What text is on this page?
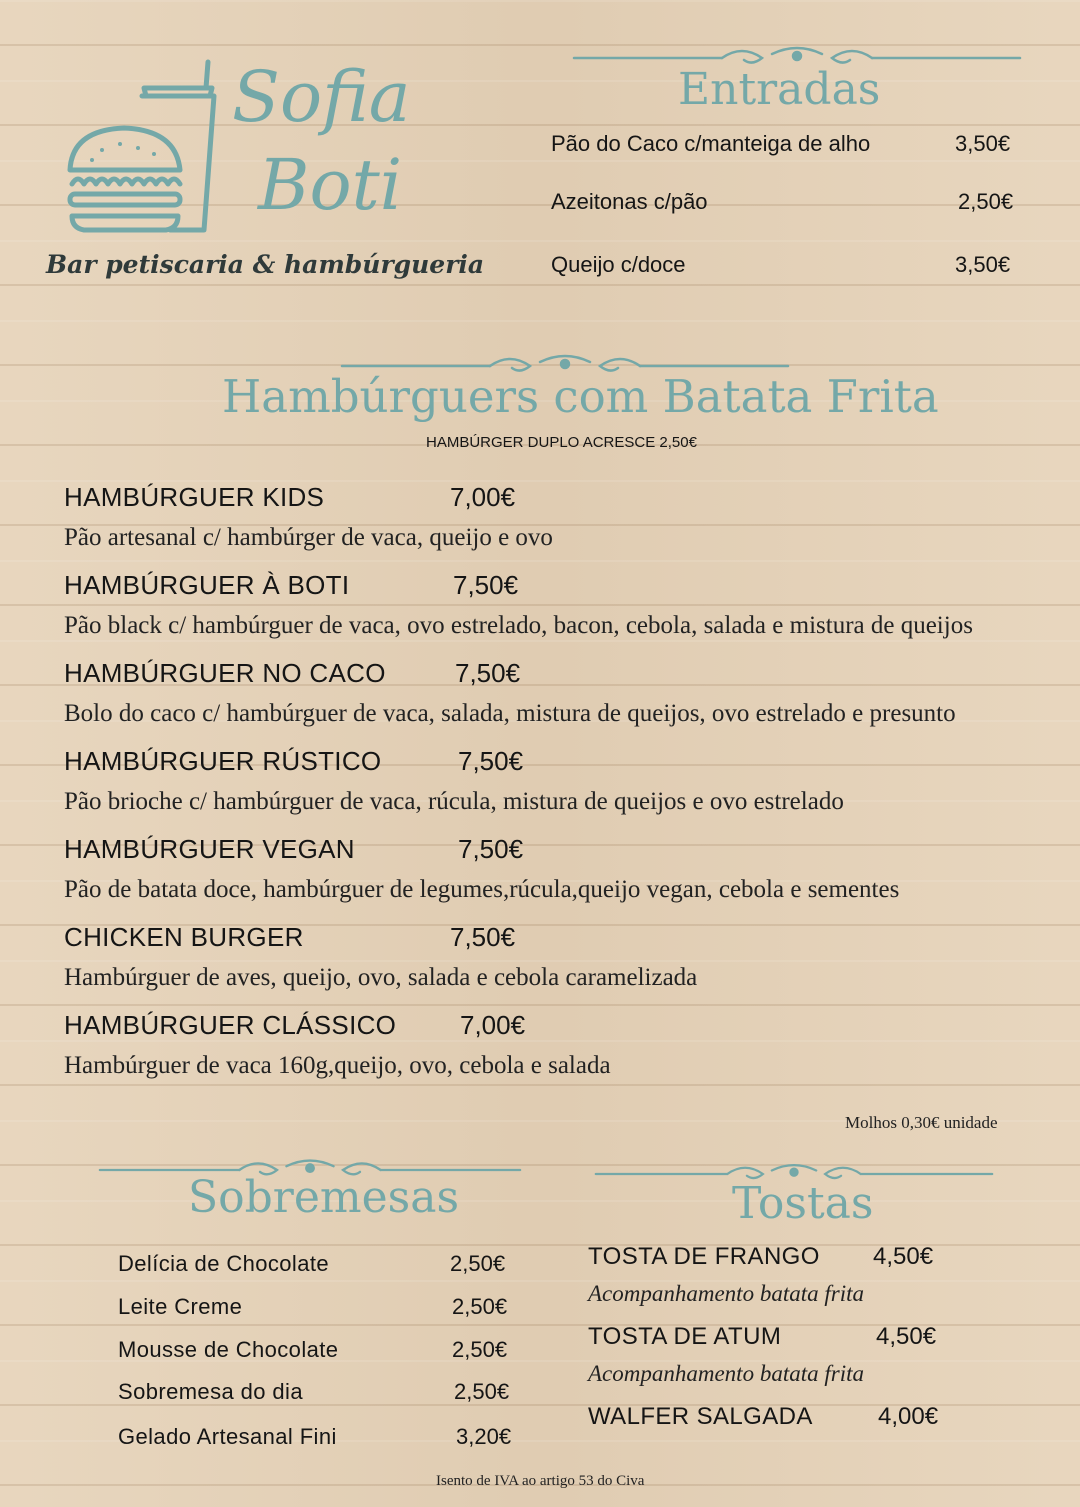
Sofia
Boti
Bar petiscaria & hambúrgueria
Entradas
Pão do Caco c/manteiga de alho	3,50€
Azeitonas c/pão	2,50€
Queijo c/doce	3,50€
Hambúrguers com Batata Frita
HAMBÚRGER DUPLO ACRESCE 2,50€
HAMBÚRGUER KIDS	7,00€
Pão artesanal c/ hambúrger de vaca, queijo e ovo
HAMBÚRGUER À BOTI	7,50€
Pão black c/ hambúrguer de vaca, ovo estrelado, bacon, cebola, salada e mistura de queijos
HAMBÚRGUER NO CACO	7,50€
Bolo do caco c/ hambúrguer de vaca, salada, mistura de queijos, ovo estrelado e presunto
HAMBÚRGUER RÚSTICO	7,50€
Pão brioche c/ hambúrguer de vaca, rúcula, mistura de queijos e ovo estrelado
HAMBÚRGUER VEGAN	7,50€
Pão de batata doce, hambúrguer de legumes,rúcula,queijo vegan, cebola e sementes
CHICKEN BURGER	7,50€
Hambúrguer de aves, queijo, ovo, salada e cebola caramelizada
HAMBÚRGUER CLÁSSICO 7,00€
Hambúrguer de vaca 160g,queijo, ovo, cebola e salada
Molhos 0,30€ unidade
Sobremesas
Delícia de Chocolate	2,50€
Leite Creme	2,50€
Mousse de Chocolate	2,50€
Sobremesa do dia	2,50€
Gelado Artesanal Fini	3,20€
Tostas
TOSTA DE FRANGO 4,50€
Acompanhamento batata frita
TOSTA DE ATUM	4,50€
Acompanhamento batata frita
WALFER SALGADA	4,00€
Isento de IVA ao artigo 53 do Civa
